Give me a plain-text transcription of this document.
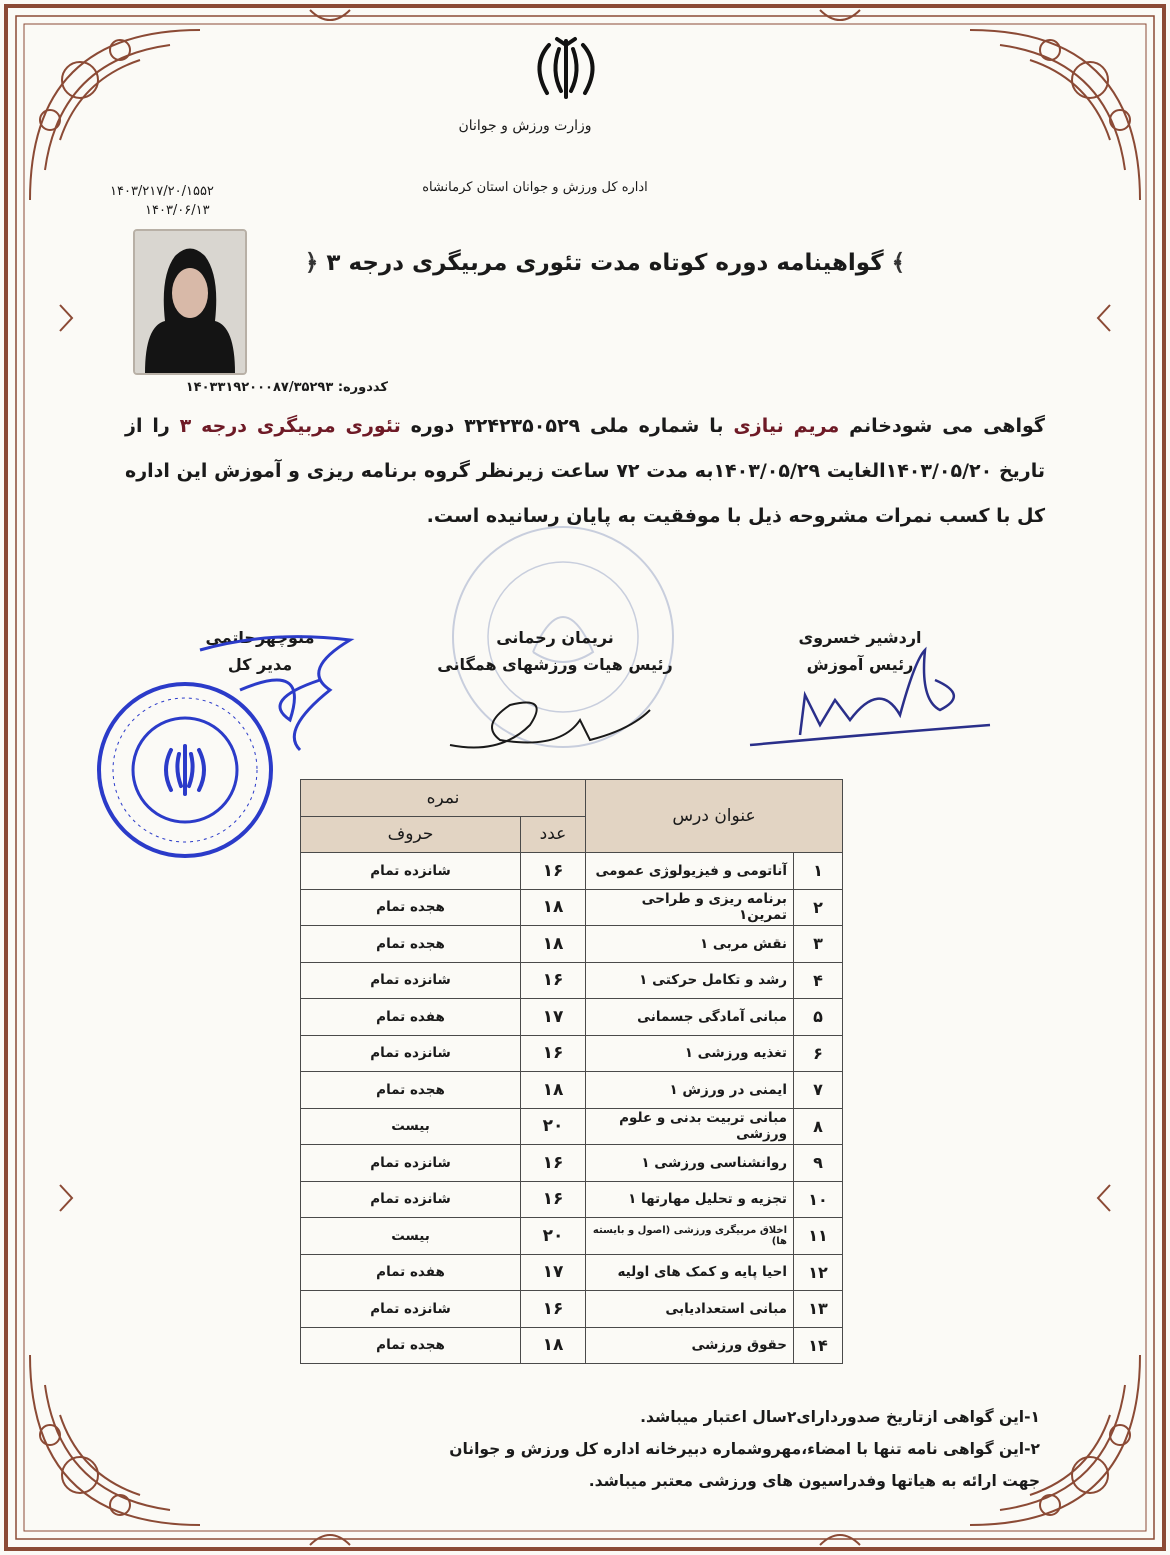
وزارت ورزش و جوانان
اداره کل ورزش و جوانان استان کرمانشاه
۱۴۰۳/۲۱۷/۲۰/۱۵۵۲
۱۴۰۳/۰۶/۱۳
﴾ گواهینامه دوره کوتاه مدت تئوری مربیگری درجه ۳ ﴿
کددوره: ۱۴۰۳۳۱۹۲۰۰۰۸۷/۳۵۲۹۳
گواهی می شودخانم مریم نیازی با شماره ملی ۳۲۴۲۳۵۰۵۲۹ دوره تئوری مربیگری درجه ۳ را از تاریخ ۱۴۰۳/۰۵/۲۰الغایت ۱۴۰۳/۰۵/۲۹به مدت ۷۲ ساعت زیرنظر گروه برنامه ریزی و آموزش این اداره کل با کسب نمرات مشروحه ذیل با موفقیت به پایان رسانیده است.
اردشیر خسروی
رئیس آموزش
نریمان رحمانی
رئیس هیات ورزشهای همگانی
منوچهرحاتمی
مدیر کل
عنوان درس		نمره	
		عدد	حروف
۱	آناتومی و فیزیولوژی عمومی	۱۶	شانزده تمام
۲	برنامه ریزی و طراحی تمرین۱	۱۸	هجده تمام
۳	نقش مربی ۱	۱۸	هجده تمام
۴	رشد و تکامل حرکتی ۱	۱۶	شانزده تمام
۵	مبانی آمادگی جسمانی	۱۷	هفده تمام
۶	تغذیه ورزشی ۱	۱۶	شانزده تمام
۷	ایمنی در ورزش ۱	۱۸	هجده تمام
۸	مبانی تربیت بدنی و علوم ورزشی	۲۰	بیست
۹	روانشناسی ورزشی ۱	۱۶	شانزده تمام
۱۰	تجزیه و تحلیل مهارتها ۱	۱۶	شانزده تمام
۱۱	اخلاق مربیگری ورزشی (اصول و بایسته ها)	۲۰	بیست
۱۲	احیا پایه و کمک های اولیه	۱۷	هفده تمام
۱۳	مبانی استعدادیابی	۱۶	شانزده تمام
۱۴	حقوق ورزشی	۱۸	هجده تمام
۱-این گواهی ازتاریخ صدوردارای۲سال اعتبار میباشد.
۲-این گواهی نامه تنها با امضاء،مهروشماره دبیرخانه اداره کل ورزش و جوانان
جهت ارائه به هیاتها وفدراسیون های ورزشی معتبر میباشد.
